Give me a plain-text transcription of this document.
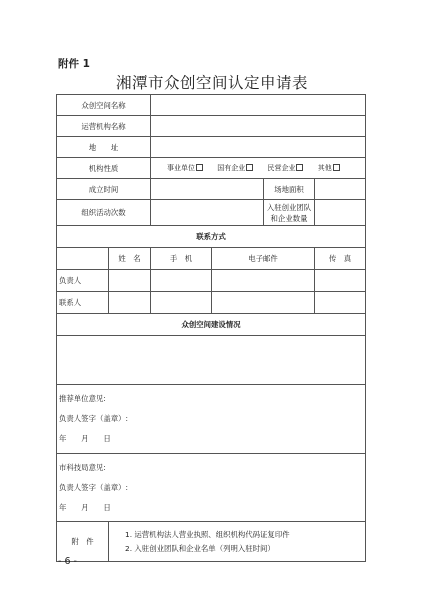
附件 1
湘潭市众创空间认定申请表
众创空间名称					
运营机构名称					
地　　址					
机构性质		事业单位 国有企业 民营企业 其他			
成立时间				场地面积	
组织活动次数				入驻创业团队
和企业数量	

联系方式					
	姓　名	手　机	电子邮件		传　真
负责人					
联系人					
众创空间建设情况					

推荐单位意见:
负责人签字（盖章）:
年　　月　　日					

市科技局意见:
负责人签字（盖章）:
年　　月　　日					

附　件	1. 运营机构法人营业执照、组织机构代码证复印件
2. 入驻创业团队和企业名单（列明入驻时间）				
- 6 -
